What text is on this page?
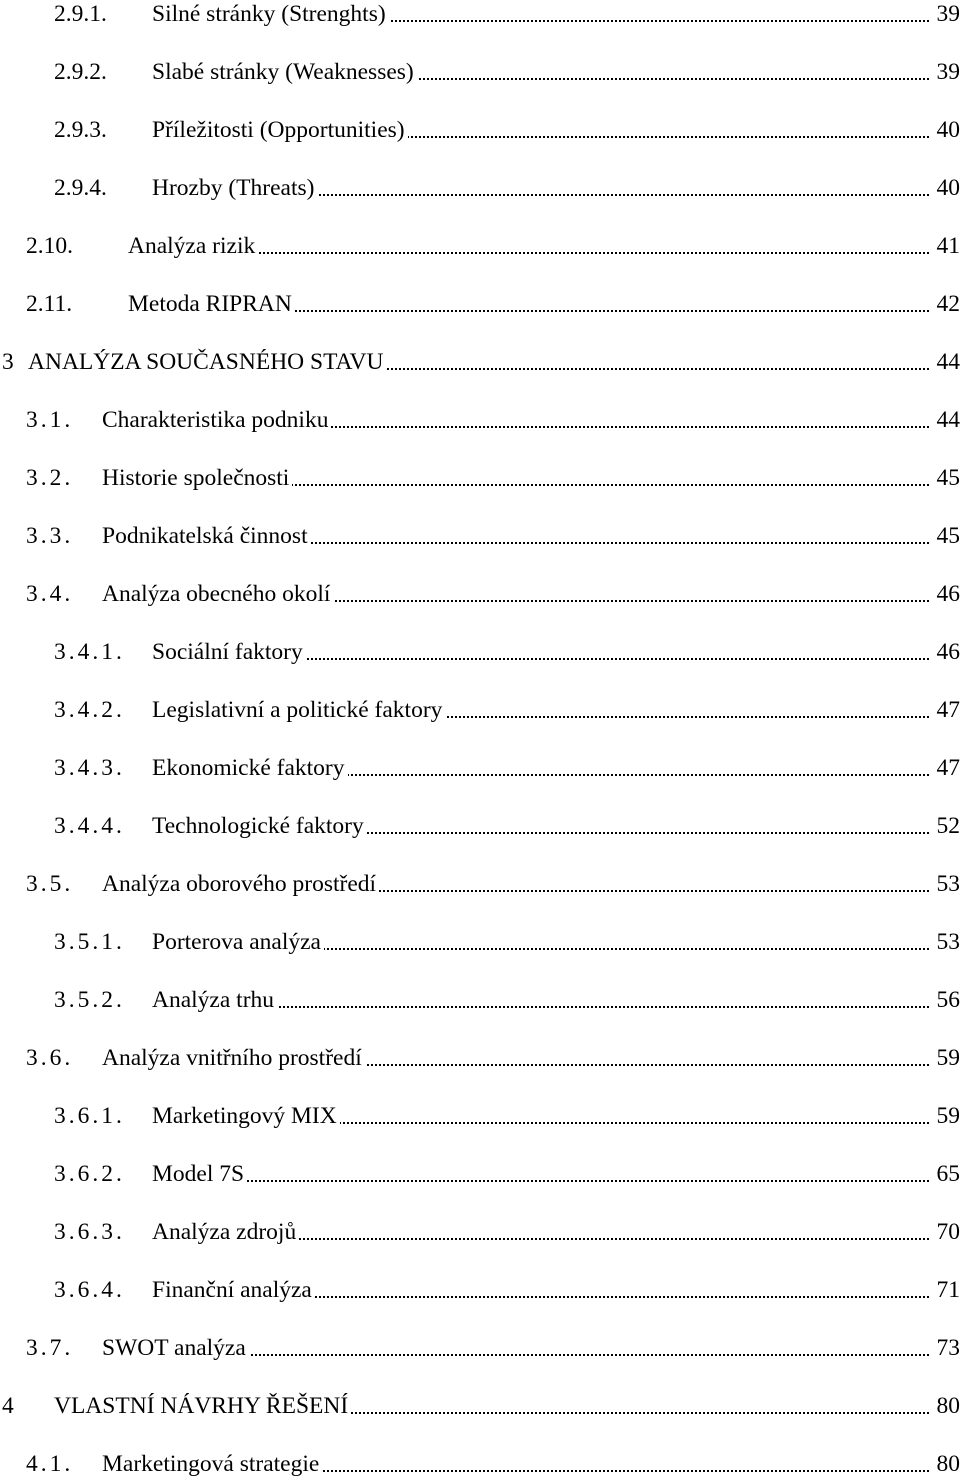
2.9.1. Silné stránky (Strenghts)	39
2.9.2. Slabé stránky (Weaknesses)	39
2.9.3. Příležitosti (Opportunities)	40
2.9.4. Hrozby (Threats)	40
2.10. Analýza rizik	41
2.11. Metoda RIPRAN	42
3 ANALÝZA SOUČASNÉHO STAVU	44
3.1. Charakteristika podniku	44
3.2. Historie společnosti	45
3.3. Podnikatelská činnost	45
3.4. Analýza obecného okolí	46
3.4.1. Sociální faktory	46
3.4.2. Legislativní a politické faktory	47
3.4.3. Ekonomické faktory	47
3.4.4. Technologické faktory	52
3.5. Analýza oborového prostředí	53
3.5.1. Porterova analýza	53
3.5.2. Analýza trhu	56
3.6. Analýza vnitřního prostředí	59
3.6.1. Marketingový MIX	59
3.6.2. Model 7S	65
3.6.3. Analýza zdrojů	70
3.6.4. Finanční analýza	71
3.7. SWOT analýza	73
4 VLASTNÍ NÁVRHY ŘEŠENÍ	80
4.1. Marketingová strategie	80
